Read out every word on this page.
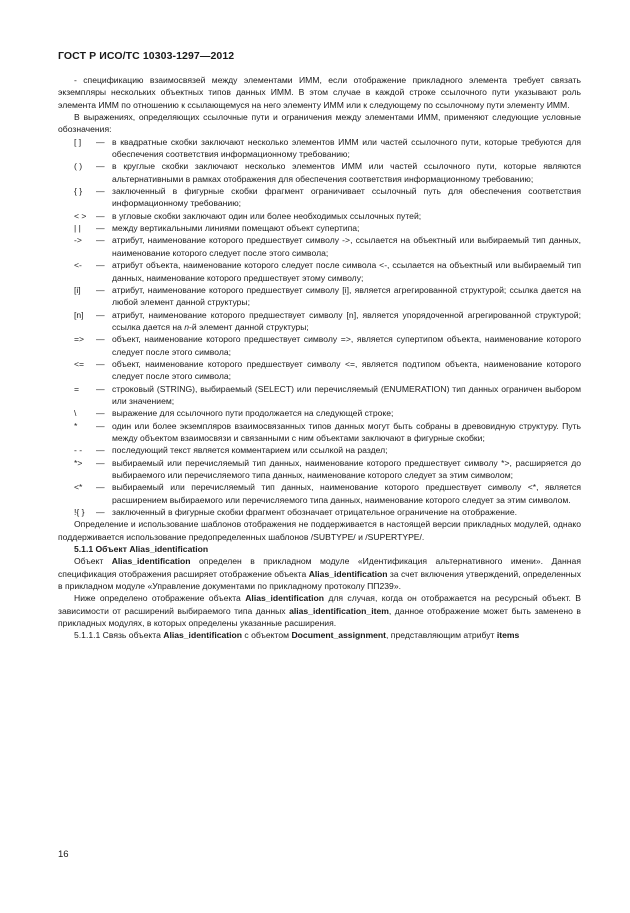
ГОСТ Р ИСО/ТС 10303-1297—2012

- спецификацию взаимосвязей между элементами ИММ, если отображение прикладного элемента требует связать экземпляры нескольких объектных типов данных ИММ. В этом случае в каждой строке ссылочного пути указывают роль элемента ИММ по отношению к ссылающемуся на него элементу ИММ или к следующему по ссылочному пути элементу ИММ.

В выражениях, определяющих ссылочные пути и ограничения между элементами ИММ, применяют следующие условные обозначения:

[ ]	— в квадратные скобки заключают несколько элементов ИММ или частей ссылочного пути, которые требуются для обеспечения соответствия информационному требованию;
( )	— в круглые скобки заключают несколько элементов ИММ или частей ссылочного пути, которые являются альтернативными в рамках отображения для обеспечения соответствия информационному требованию;
{ }	— заключенный в фигурные скобки фрагмент ограничивает ссылочный путь для обеспечения соответствия информационному требованию;
< >	— в угловые скобки заключают один или более необходимых ссылочных путей;
| |	— между вертикальными линиями помещают объект супертипа;
->	— атрибут, наименование которого предшествует символу ->, ссылается на объектный или выбираемый тип данных, наименование которого следует после этого символа;
<-	— атрибут объекта, наименование которого следует после символа <-, ссылается на объектный или выбираемый тип данных, наименование которого предшествует этому символу;
[i]	— атрибут, наименование которого предшествует символу [i], является агрегированной структурой; ссылка дается на любой элемент данной структуры;
[n]	— атрибут, наименование которого предшествует символу [n], является упорядоченной агрегированной структурой; ссылка дается на n-й элемент данной структуры;
=>	— объект, наименование которого предшествует символу =>, является супертипом объекта, наименование которого следует после этого символа;
<=	— объект, наименование которого предшествует символу <=, является подтипом объекта, наименование которого следует после этого символа;
=	— строковый (STRING), выбираемый (SELECT) или перечисляемый (ENUMERATION) тип данных ограничен выбором или значением;
\	— выражение для ссылочного пути продолжается на следующей строке;
*	— один или более экземпляров взаимосвязанных типов данных могут быть собраны в древовидную структуру. Путь между объектом взаимосвязи и связанными с ним объектами заключают в фигурные скобки;
- -	— последующий текст является комментарием или ссылкой на раздел;
*>	— выбираемый или перечисляемый тип данных, наименование которого предшествует символу *>, расширяется до выбираемого или перечисляемого типа данных, наименование которого следует за этим символом;
<*	— выбираемый или перечисляемый тип данных, наименование которого предшествует символу <*, является расширением выбираемого или перечисляемого типа данных, наименование которого следует за этим символом.
!{ }	— заключенный в фигурные скобки фрагмент обозначает отрицательное ограничение на отображение.

Определение и использование шаблонов отображения не поддерживается в настоящей версии прикладных модулей, однако поддерживается использование предопределенных шаблонов /SUBTYPE/ и /SUPERTYPE/.

5.1.1 Объект Alias_identification

Объект Alias_identification определен в прикладном модуле «Идентификация альтернативного имени». Данная спецификация отображения расширяет отображение объекта Alias_identification за счет включения утверждений, определенных в прикладном модуле «Управление документами по прикладному протоколу ПП239».

Ниже определено отображение объекта Alias_identification для случая, когда он отображается на ресурсный объект. В зависимости от расширений выбираемого типа данных alias_identification_item, данное отображение может быть заменено в прикладных модулях, в которых определены указанные расширения.

5.1.1.1 Связь объекта Alias_identification с объектом Document_assignment, представляющим атрибут items

16
